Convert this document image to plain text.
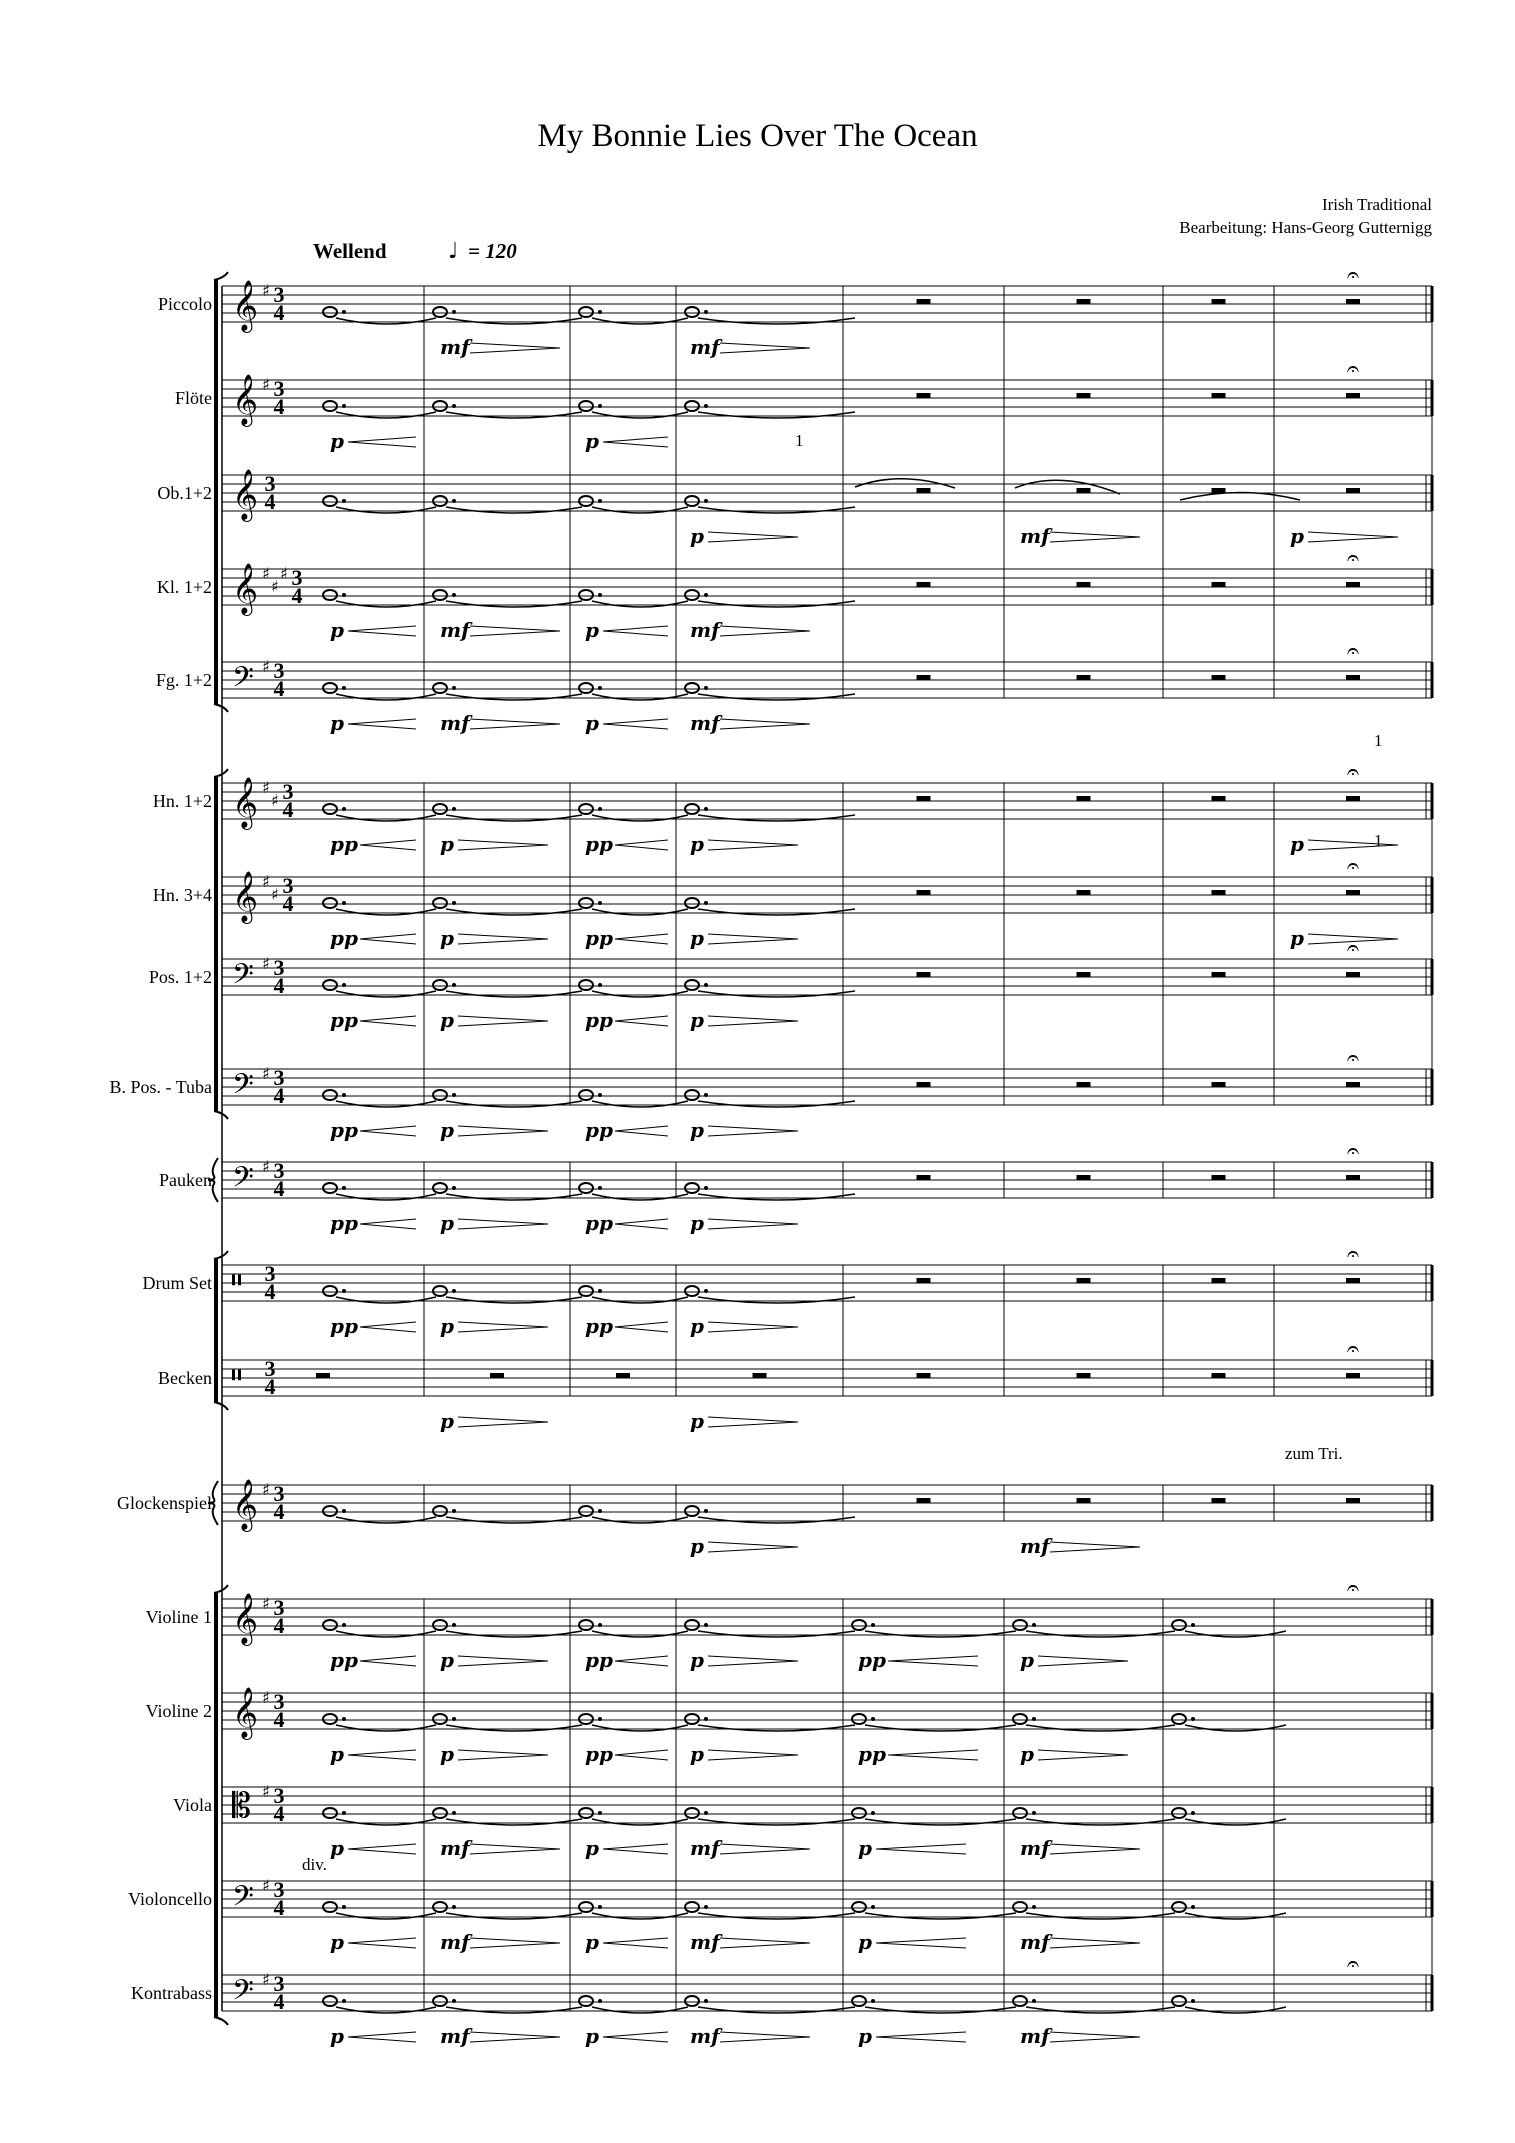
My Bonnie Lies Over The Ocean
Irish Traditional
Bearbeitung: Hans-Georg Gutternigg
Piccolo 𝄞 ♯ 3
4
𝄐
mf	mf
Flöte 𝄞 ♯ 3
4
𝄐
p	p
Ob.1+2 𝄞 3
4
p	mf	p
Kl. 1+2 𝄞 ♯
♯
♯ 3
4
𝄐
p	mf	p	mf
Fg. 1+2 𝄢 ♯ 3
4
𝄐
p	mf	p	mf
Hn. 1+2 𝄞 ♯
♯ 3
4
𝄐
pp	p	pp	p	p
Hn. 3+4 𝄞 ♯
♯ 3
4
𝄐
pp	p	pp	p	p
Pos. 1+2 𝄢 ♯ 3
4
𝄐
pp	p	pp	p
B. Pos. - Tuba 𝄢 ♯ 3
4
𝄐
pp	p	pp	p
Pauken 𝄢 ♯ 3
4
𝄐
pp	p	pp	p
Drum Set 𝄥 3
4
𝄐
pp	p	pp	p
Becken 𝄥 3
4
𝄐
p	p
Glockenspiel 𝄞 ♯ 3
4
p	mf
Violine 1 𝄞 ♯ 3
4
𝄐
pp	p	pp	p	pp	p
Violine 2 𝄞 ♯ 3
4
p	p	pp	p	pp	p
Viola 𝄡 ♯ 3
4
p	mf	p	mf	p	mf
Violoncello 𝄢 ♯ 3
4
p	mf	p	mf	p	mf
Kontrabass 𝄢 ♯ 3
4
𝄐
p	mf	p	mf	p	mf
Wellend	♩ = 120
1
1
1
div.
zum Tri.
